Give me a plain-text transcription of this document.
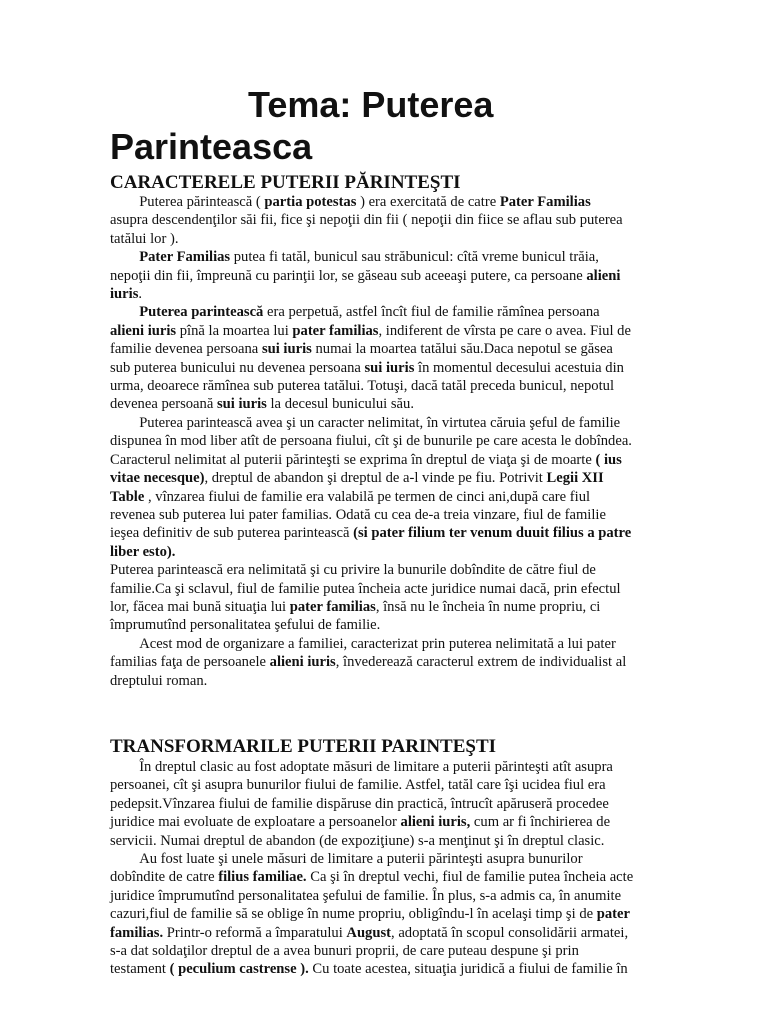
Tema: Puterea
Parinteasca
CARACTERELE PUTERII PĂRINTEŞTI

Puterea părintească ( partia potestas ) era exercitată de catre Pater Familias

asupra descendenţilor săi fii, fice şi nepoţii din fii ( nepoţii din fiice se aflau sub puterea

tatălui lor ).

Pater Familias putea fi tatăl, bunicul sau străbunicul: cîtă vreme bunicul trăia,

nepoţii din fii, împreună cu parinţii lor, se găseau sub aceeaşi putere, ca persoane alieni

iuris.

Puterea parintească era perpetuă, astfel încît fiul de familie rămînea persoana

alieni iuris pînă la moartea lui pater familias, indiferent de vîrsta pe care o avea. Fiul de

familie devenea persoana sui iuris numai la moartea tatălui său.Daca nepotul se găsea

sub puterea bunicului nu devenea persoana sui iuris în momentul decesului acestuia din

urma, deoarece rămînea sub puterea tatălui. Totuşi, dacă tatăl preceda bunicul, nepotul

devenea persoană sui iuris la decesul bunicului său.

Puterea parintească avea şi un caracter nelimitat, în virtutea căruia şeful de familie

dispunea în mod liber atît de persoana fiului, cît şi de bunurile pe care acesta le dobîndea.

Caracterul nelimitat al puterii părinteşti se exprima în dreptul de viaţa şi de moarte ( ius

vitae necesque), dreptul de abandon şi dreptul de a-l vinde pe fiu. Potrivit Legii XII

Table , vînzarea fiului de familie era valabilă pe termen de cinci ani,după care fiul

revenea sub puterea lui pater familias. Odată cu cea de-a treia vinzare, fiul de familie

ieşea definitiv de sub puterea parintească (si pater filium ter venum duuit filius a patre

liber esto).

Puterea parintească era nelimitată şi cu privire la bunurile dobîndite de către fiul de

familie.Ca şi sclavul, fiul de familie putea încheia acte juridice numai dacă, prin efectul

lor, făcea mai bună situaţia lui pater familias, însă nu le încheia în nume propriu, ci

împrumutînd personalitatea şefului de familie.

Acest mod de organizare a familiei, caracterizat prin puterea nelimitată a lui pater

familias faţa de persoanele alieni iuris, învederează caracterul extrem de individualist al

dreptului roman.

TRANSFORMARILE PUTERII PARINTEŞTI

În dreptul clasic au fost adoptate măsuri de limitare a puterii părinteşti atît asupra

persoanei, cît şi asupra bunurilor fiului de familie. Astfel, tatăl care îşi ucidea fiul era

pedepsit.Vînzarea fiului de familie dispăruse din practică, întrucît apăruseră procedee

juridice mai evoluate de exploatare a persoanelor alieni iuris, cum ar fi închirierea de

servicii. Numai dreptul de abandon (de expoziţiune) s-a menţinut şi în dreptul clasic.

Au fost luate şi unele măsuri de limitare a puterii părinteşti asupra bunurilor

dobîndite de catre filius familiae. Ca şi în dreptul vechi, fiul de familie putea încheia acte

juridice împrumutînd personalitatea şefului de familie. În plus, s-a admis ca, în anumite

cazuri,fiul de familie să se oblige în nume propriu, obligîndu-l în acelaşi timp şi de pater

familias. Printr-o reformă a împaratului August, adoptată în scopul consolidării armatei,

s-a dat soldaţilor dreptul de a avea bunuri proprii, de care puteau despune şi prin

testament ( peculium castrense ). Cu toate acestea, situaţia juridică a fiului de familie în
